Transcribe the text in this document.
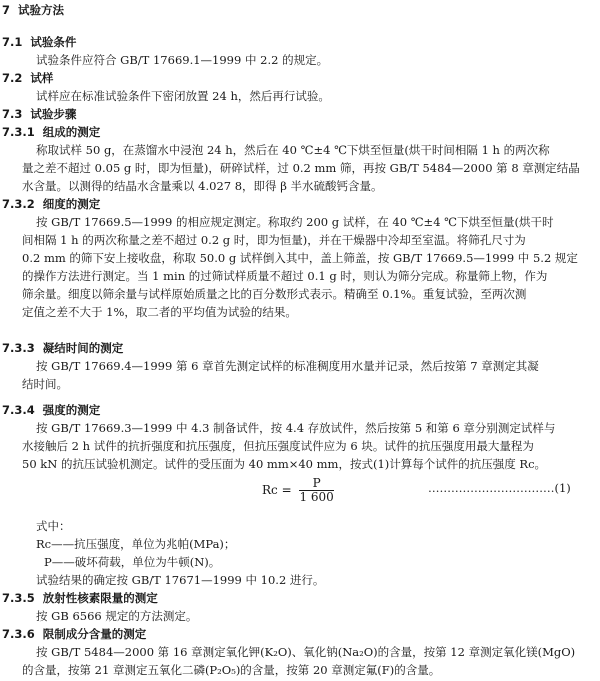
7 试验方法
7.1 试验条件
试验条件应符合 GB/T 17669.1—1999 中 2.2 的规定。
7.2 试样
试样应在标准试验条件下密闭放置 24 h，然后再行试验。
7.3 试验步骤
7.3.1 组成的测定
称取试样 50 g，在蒸馏水中浸泡 24 h，然后在 40 ℃±4 ℃下烘至恒量(烘干时间相隔 1 h 的两次称
量之差不超过 0.05 g 时，即为恒量)，研碎试样，过 0.2 mm 筛，再按 GB/T 5484—2000 第 8 章测定结晶
水含量。以测得的结晶水含量乘以 4.027 8，即得 β 半水硫酸钙含量。
7.3.2 细度的测定
按 GB/T 17669.5—1999 的相应规定测定。称取约 200 g 试样，在 40 ℃±4 ℃下烘至恒量(烘干时
间相隔 1 h 的两次称量之差不超过 0.2 g 时，即为恒量)，并在干燥器中冷却至室温。将筛孔尺寸为
0.2 mm 的筛下安上接收盘，称取 50.0 g 试样倒入其中，盖上筛盖，按 GB/T 17669.5—1999 中 5.2 规定
的操作方法进行测定。当 1 min 的过筛试样质量不超过 0.1 g 时，则认为筛分完成。称量筛上物，作为
筛余量。细度以筛余量与试样原始质量之比的百分数形式表示。精确至 0.1%。重复试验，至两次测
定值之差不大于 1%，取二者的平均值为试验的结果。
7.3.3 凝结时间的测定
按 GB/T 17669.4—1999 第 6 章首先测定试样的标准稠度用水量并记录，然后按第 7 章测定其凝
结时间。
7.3.4 强度的测定
按 GB/T 17669.3—1999 中 4.3 制备试件，按 4.4 存放试件，然后按第 5 和第 6 章分别测定试样与
水接触后 2 h 试件的抗折强度和抗压强度，但抗压强度试件应为 6 块。试件的抗压强度用最大量程为
50 kN 的抗压试验机测定。试件的受压面为 40 mm×40 mm，按式(1)计算每个试件的抗压强度 Rc。
$Rc = \frac{P}{1 600}$	……………………………(1)
式中：
Rc——抗压强度，单位为兆帕(MPa)；
P——破坏荷载，单位为牛顿(N)。
试验结果的确定按 GB/T 17671—1999 中 10.2 进行。
7.3.5 放射性核素限量的测定
按 GB 6566 规定的方法测定。
7.3.6 限制成分含量的测定
按 GB/T 5484—2000 第 16 章测定氧化钾(K₂O)、氧化钠(Na₂O)的含量，按第 12 章测定氧化镁(MgO)
的含量，按第 21 章测定五氧化二磷(P₂O₅)的含量，按第 20 章测定氟(F)的含量。
